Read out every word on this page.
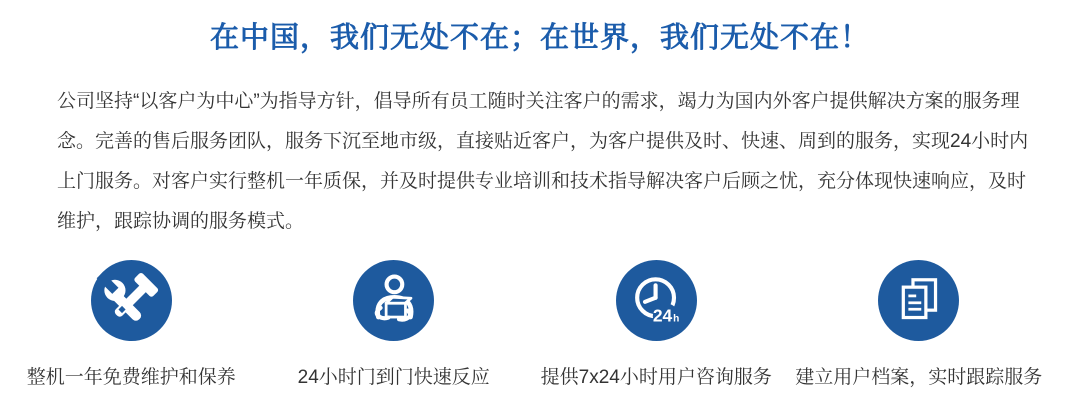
在中国，我们无处不在；在世界，我们无处不在！

公司坚持“以客户为中心”为指导方针，倡导所有员工随时关注客户的需求，竭力为国内外客户提供解决方案的服务理念。完善的售后服务团队，服务下沉至地市级，直接贴近客户，为客户提供及时、快速、周到的服务，实现24小时内上门服务。对客户实行整机一年质保，并及时提供专业培训和技术指导解决客户后顾之忧，充分体现快速响应，及时维护，跟踪协调的服务模式。

整机一年免费维护和保养	24小时门到门快速反应
24 h
提供7x24小时用户咨询服务 建立用户档案，实时跟踪服务
